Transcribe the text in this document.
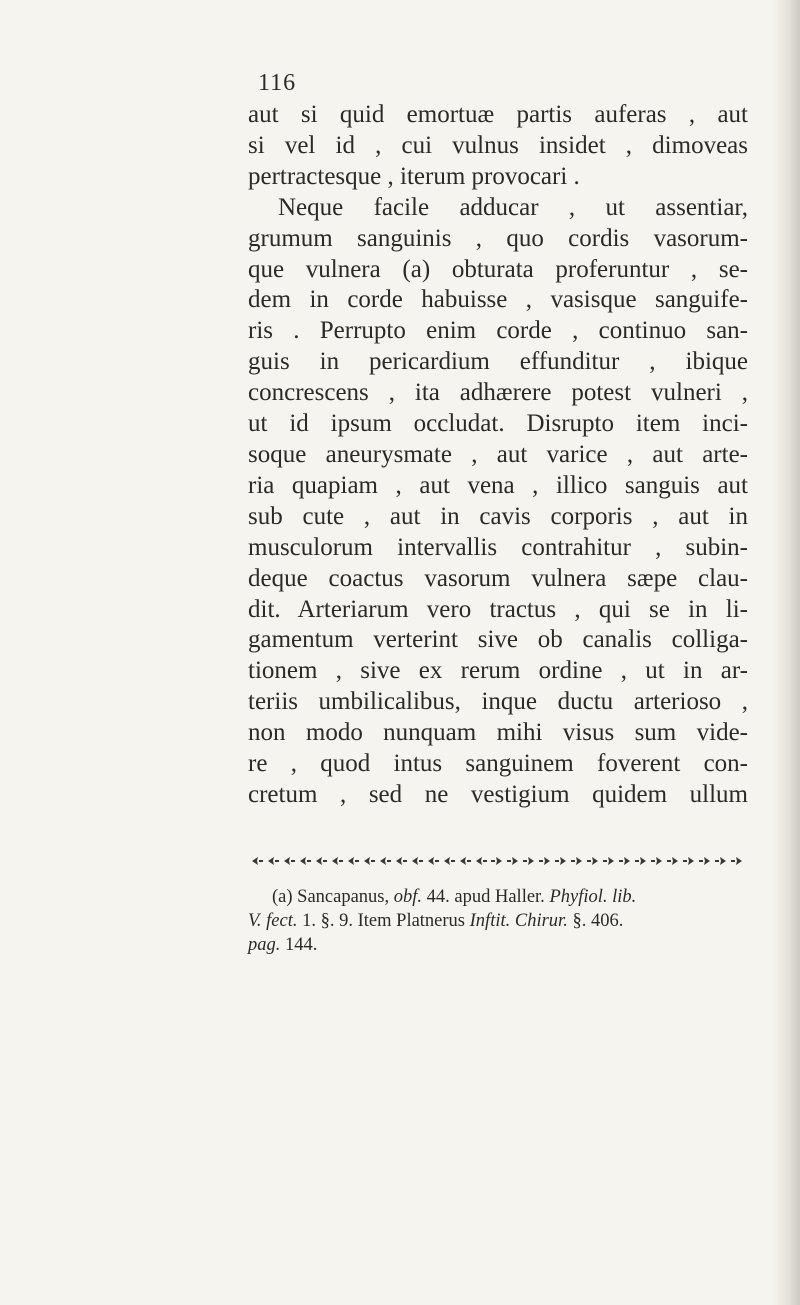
116
aut si quid emortuæ partis auferas , aut
si vel id , cui vulnus insidet , dimoveas
pertractesque , iterum provocari .
Neque facile adducar , ut assentiar,
grumum sanguinis , quo cordis vasorum-
que vulnera (a) obturata proferuntur , se-
dem in corde habuisse , vasisque sanguife-
ris . Perrupto enim corde , continuo san-
guis in pericardium effunditur , ibique
concrescens , ita adhærere potest vulneri ,
ut id ipsum occludat. Disrupto item inci-
soque aneurysmate , aut varice , aut arte-
ria quapiam , aut vena , illico sanguis aut
sub cute , aut in cavis corporis , aut in
musculorum intervallis contrahitur , subin-
deque coactus vasorum vulnera sæpe clau-
dit. Arteriarum vero tractus , qui se in li-
gamentum verterint sive ob canalis colliga-
tionem , sive ex rerum ordine , ut in ar-
teriis umbilicalibus, inque ductu arterioso ,
non modo nunquam mihi visus sum vide-
re , quod intus sanguinem foverent con-
cretum , sed ne vestigium quidem ullum
(a) Sancapanus, obf. 44. apud Haller. Phyfiol. lib.
V. fect. 1. §. 9. Item Platnerus Inftit. Chirur. §. 406.
pag. 144.
